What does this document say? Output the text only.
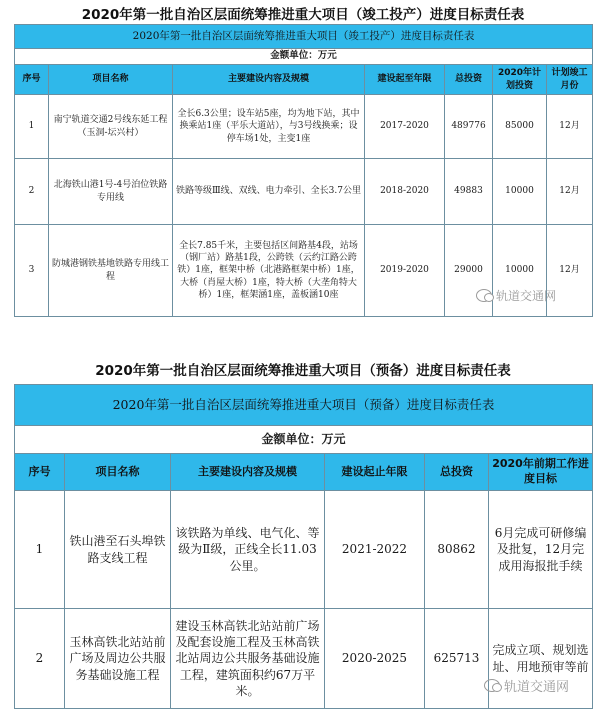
2020年第一批自治区层面统筹推进重大项目（竣工投产）进度目标责任表
2020年第一批自治区层面统筹推进重大项目（竣工投产）进度目标责任表						
金额单位：万元						
序号	项目名称	主要建设内容及规模	建设起至年限	总投资	2020年计划投资	计划竣工月份
1	南宁轨道交通2号线东延工程（玉洞-坛兴村）	全长6.3公里；设车站5座，均为地下站，其中换乘站1座（平乐大道站），与3号线换乘；设停车场1处，主变1座	2017-2020	489776	85000	12月
2	北海铁山港1号-4号泊位铁路专用线	铁路等级Ⅲ线、双线、电力牵引、全长3.7公里	2018-2020	49883	10000	12月
3	防城港钢铁基地铁路专用线工程	全长7.85千米，主要包括区间路基4段，站场（钢厂站）路基1段，公跨铁（云约江路公跨铁）1座，框架中桥（北港路框架中桥）1座，大桥（肖屋大桥）1座，特大桥（大垄角特大桥）1座，框架涵1座，盖板涵10座	2019-2020	29000	10000	12月
轨道交通网
2020年第一批自治区层面统筹推进重大项目（预备）进度目标责任表
2020年第一批自治区层面统筹推进重大项目（预备）进度目标责任表					
金额单位：万元					
序号	项目名称	主要建设内容及规模	建设起止年限	总投资	2020年前期工作进度目标
1	铁山港至石头埠铁路支线工程	该铁路为单线、电气化、等级为Ⅱ级，正线全长11.03公里。	2021-2022	80862	6月完成可研修编及批复，12月完成用海报批手续
2	玉林高铁北站站前广场及周边公共服务基础设施工程	建设玉林高铁北站站前广场及配套设施工程及玉林高铁北站周边公共服务基础设施工程，建筑面积约67万平米。	2020-2025	625713	完成立项、规划选址、用地预审等前
轨道交通网
